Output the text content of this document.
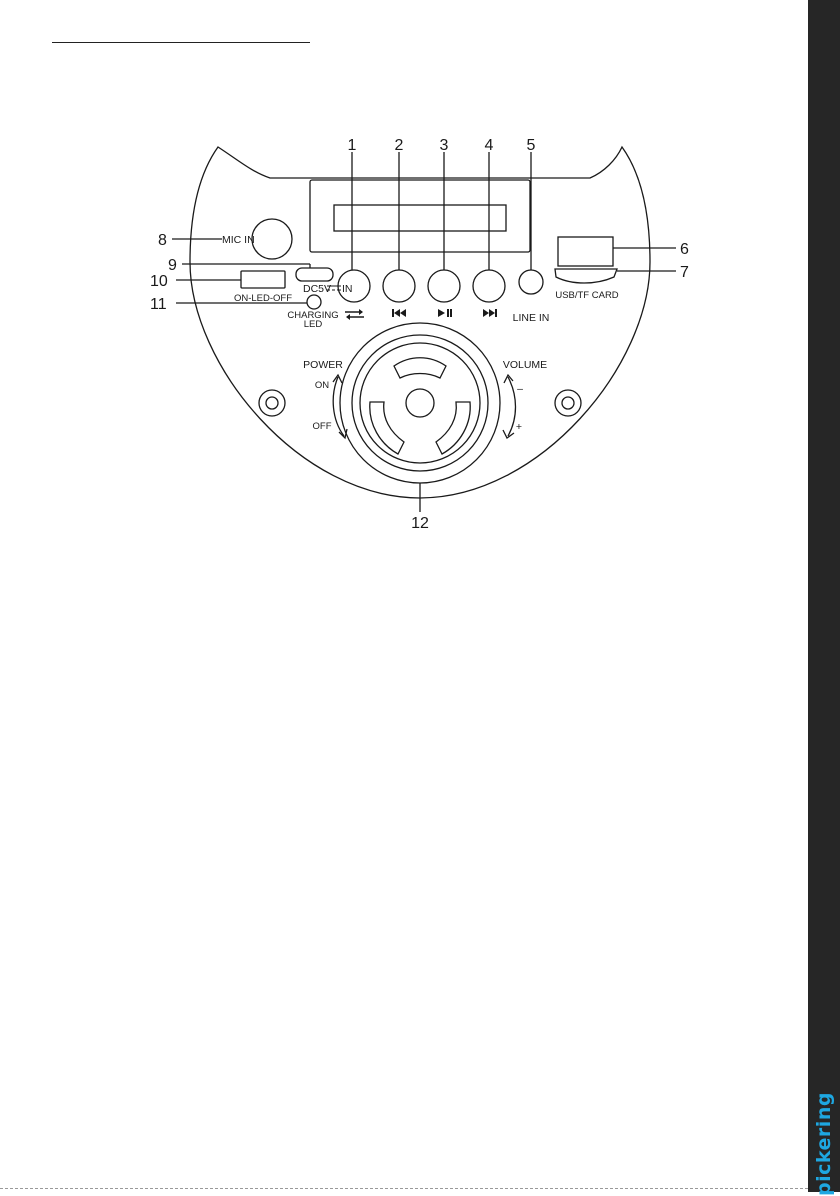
pickering
1 2 3 4 5
6
7
8
9
10
11
12
MIC IN
DC5V IN
ON-LED-OFF
CHARGING
LED
LINE IN
USB/TF CARD
POWER
ON
OFF
VOLUME
–
+
